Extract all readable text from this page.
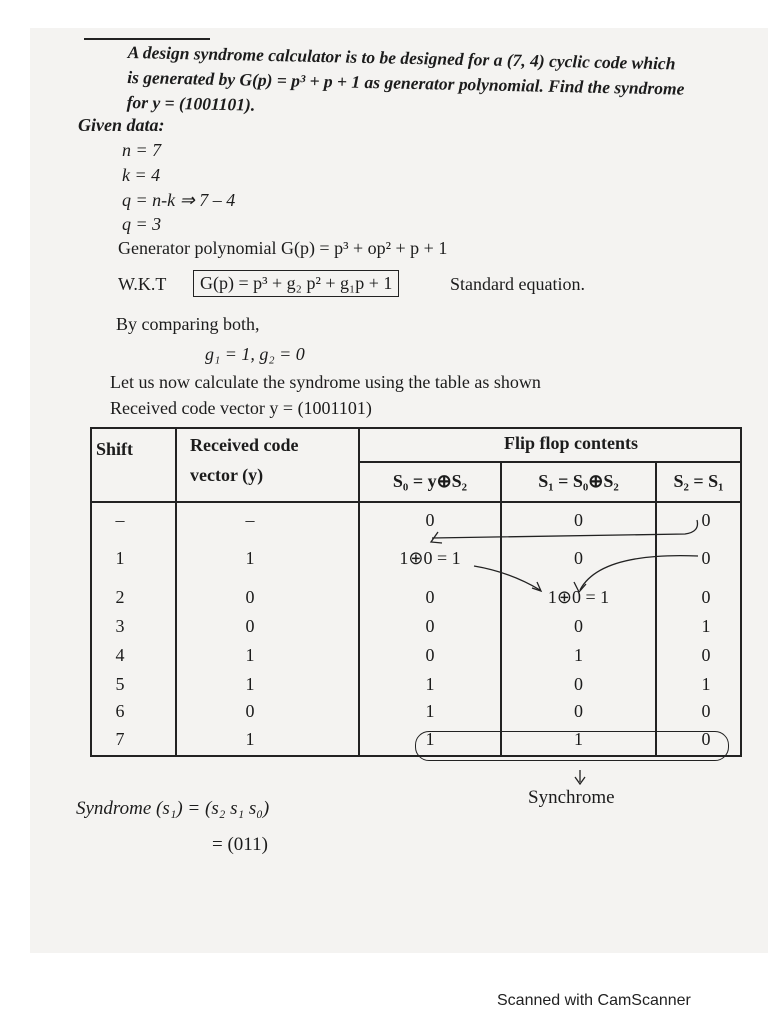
A design syndrome calculator is to be designed for a (7, 4) cyclic code which
is generated by G(p) = p³ + p + 1 as generator polynomial. Find the syndrome
for y = (1001101).
Given data:
n = 7
k = 4
q = n-k ⇒ 7 – 4
q = 3
Generator polynomial G(p) = p³ + op² + p + 1
W.K.T	G(p) = p³ + g₂ p² + g₁p + 1	Standard equation.
By comparing both,
g₁ = 1, g₂ = 0
Let us now calculate the syndrome using the table as shown
Received code vector y = (1001101)
Shift	Received code
vector (y)
Flip flop contents
S₀ = y⊕S₂	S₁ = S₀⊕S₂	S₂ = S₁
–	–	0	0	0
1	1	1⊕0 = 1	0	0
2	0	0	1⊕0 = 1	0
3	0	0	0	1
4	1	0	1	0
5	1	1	0	1
6	0	1	0	0
7	1	1	1	0
Synchrome
Syndrome (s₁) = (s₂ s₁ s₀)
= (011)
Scanned with CamScanner
